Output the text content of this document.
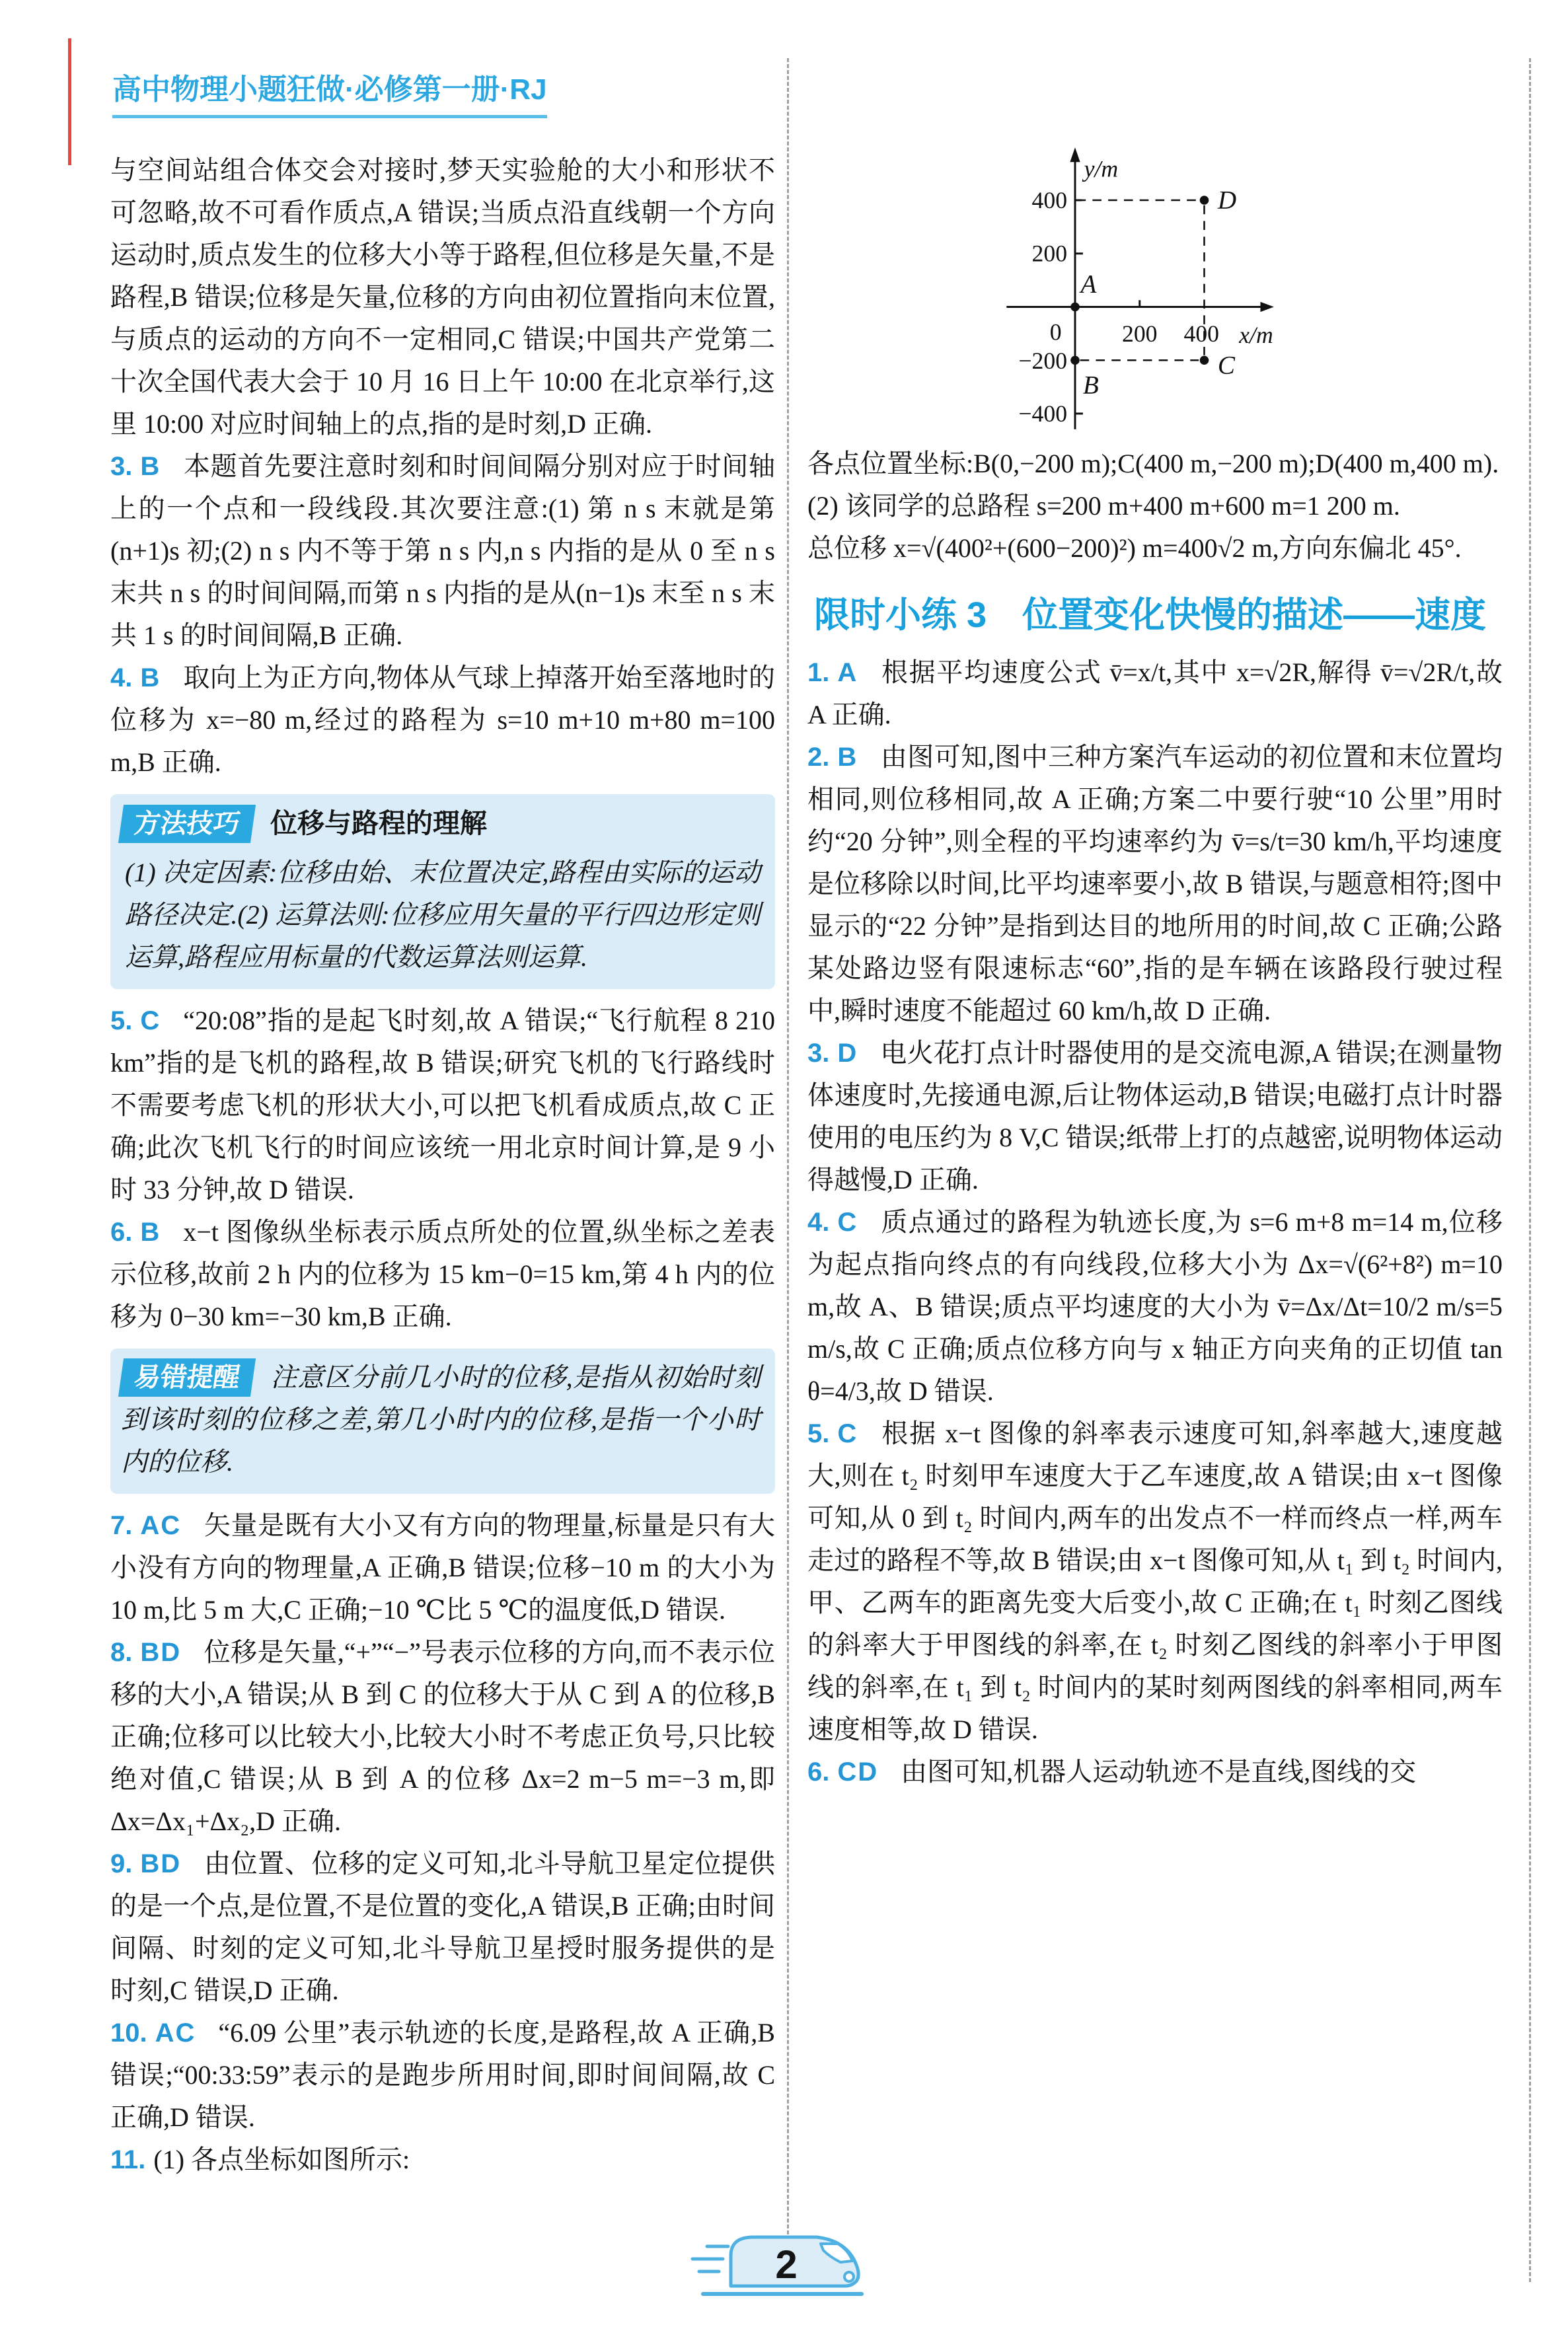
高中物理小题狂做·必修第一册·RJ

与空间站组合体交会对接时,梦天实验舱的大小和形状不可忽略,故不可看作质点,A 错误;当质点沿直线朝一个方向运动时,质点发生的位移大小等于路程,但位移是矢量,不是路程,B 错误;位移是矢量,位移的方向由初位置指向末位置,与质点的运动的方向不一定相同,C 错误;中国共产党第二十次全国代表大会于 10 月 16 日上午 10:00 在北京举行,这里 10:00 对应时间轴上的点,指的是时刻,D 正确.

3. B 本题首先要注意时刻和时间间隔分别对应于时间轴上的一个点和一段线段.其次要注意:(1) 第 n s 末就是第(n+1)s 初;(2) n s 内不等于第 n s 内,n s 内指的是从 0 至 n s 末共 n s 的时间间隔,而第 n s 内指的是从(n−1)s 末至 n s 末共 1 s 的时间间隔,B 正确.

4. B 取向上为正方向,物体从气球上掉落开始至落地时的位移为 x=−80 m,经过的路程为 s=10 m+10 m+80 m=100 m,B 正确.

方法技巧 位移与路程的理解

(1) 决定因素:位移由始、末位置决定,路程由实际的运动路径决定.(2) 运算法则:位移应用矢量的平行四边形定则运算,路程应用标量的代数运算法则运算.

5. C “20:08”指的是起飞时刻,故 A 错误;“飞行航程 8 210 km”指的是飞机的路程,故 B 错误;研究飞机的飞行路线时不需要考虑飞机的形状大小,可以把飞机看成质点,故 C 正确;此次飞机飞行的时间应该统一用北京时间计算,是 9 小时 33 分钟,故 D 错误.

6. B x−t 图像纵坐标表示质点所处的位置,纵坐标之差表示位移,故前 2 h 内的位移为 15 km−0=15 km,第 4 h 内的位移为 0−30 km=−30 km,B 正确.

易错提醒 注意区分前几小时的位移,是指从初始时刻到该时刻的位移之差,第几小时内的位移,是指一个小时内的位移.

7. AC 矢量是既有大小又有方向的物理量,标量是只有大小没有方向的物理量,A 正确,B 错误;位移−10 m 的大小为 10 m,比 5 m 大,C 正确;−10 ℃比 5 ℃的温度低,D 错误.

8. BD 位移是矢量,“+”“−”号表示位移的方向,而不表示位移的大小,A 错误;从 B 到 C 的位移大于从 C 到 A 的位移,B 正确;位移可以比较大小,比较大小时不考虑正负号,只比较绝对值,C 错误;从 B 到 A 的位移 Δx=2 m−5 m=−3 m,即 Δx=Δx₁+Δx₂,D 正确.

9. BD 由位置、位移的定义可知,北斗导航卫星定位提供的是一个点,是位置,不是位置的变化,A 错误,B 正确;由时间间隔、时刻的定义可知,北斗导航卫星授时服务提供的是时刻,C 错误,D 正确.

10. AC “6.09 公里”表示轨迹的长度,是路程,故 A 正确,B 错误;“00:33:59”表示的是跑步所用时间,即时间间隔,故 C 正确,D 错误.

11. (1) 各点坐标如图所示:

y/m
x/m
400
200
−200
−400
0 200 400
A
B
C
D

各点位置坐标:B(0,−200 m);C(400 m,−200 m);D(400 m,400 m).

(2) 该同学的总路程 s=200 m+400 m+600 m=1 200 m.

总位移 x=√(400²+(600−200)²) m=400√2 m,方向东偏北 45°.

限时小练 3　位置变化快慢的描述——速度

1. A 根据平均速度公式 v̄=x/t,其中 x=√2R,解得 v̄=√2R/t,故 A 正确.

2. B 由图可知,图中三种方案汽车运动的初位置和末位置均相同,则位移相同,故 A 正确;方案二中要行驶“10 公里”用时约“20 分钟”,则全程的平均速率约为 v̄=s/t=30 km/h,平均速度是位移除以时间,比平均速率要小,故 B 错误,与题意相符;图中显示的“22 分钟”是指到达目的地所用的时间,故 C 正确;公路某处路边竖有限速标志“60”,指的是车辆在该路段行驶过程中,瞬时速度不能超过 60 km/h,故 D 正确.

3. D 电火花打点计时器使用的是交流电源,A 错误;在测量物体速度时,先接通电源,后让物体运动,B 错误;电磁打点计时器使用的电压约为 8 V,C 错误;纸带上打的点越密,说明物体运动得越慢,D 正确.

4. C 质点通过的路程为轨迹长度,为 s=6 m+8 m=14 m,位移为起点指向终点的有向线段,位移大小为 Δx=√(6²+8²) m=10 m,故 A、B 错误;质点平均速度的大小为 v̄=Δx/Δt=10/2 m/s=5 m/s,故 C 正确;质点位移方向与 x 轴正方向夹角的正切值 tan θ=4/3,故 D 错误.

5. C 根据 x−t 图像的斜率表示速度可知,斜率越大,速度越大,则在 t₂ 时刻甲车速度大于乙车速度,故 A 错误;由 x−t 图像可知,从 0 到 t₂ 时间内,两车的出发点不一样而终点一样,两车走过的路程不等,故 B 错误;由 x−t 图像可知,从 t₁ 到 t₂ 时间内,甲、乙两车的距离先变大后变小,故 C 正确;在 t₁ 时刻乙图线的斜率大于甲图线的斜率,在 t₂ 时刻乙图线的斜率小于甲图线的斜率,在 t₁ 到 t₂ 时间内的某时刻两图线的斜率相同,两车速度相等,故 D 错误.

6. CD 由图可知,机器人运动轨迹不是直线,图线的交

2
